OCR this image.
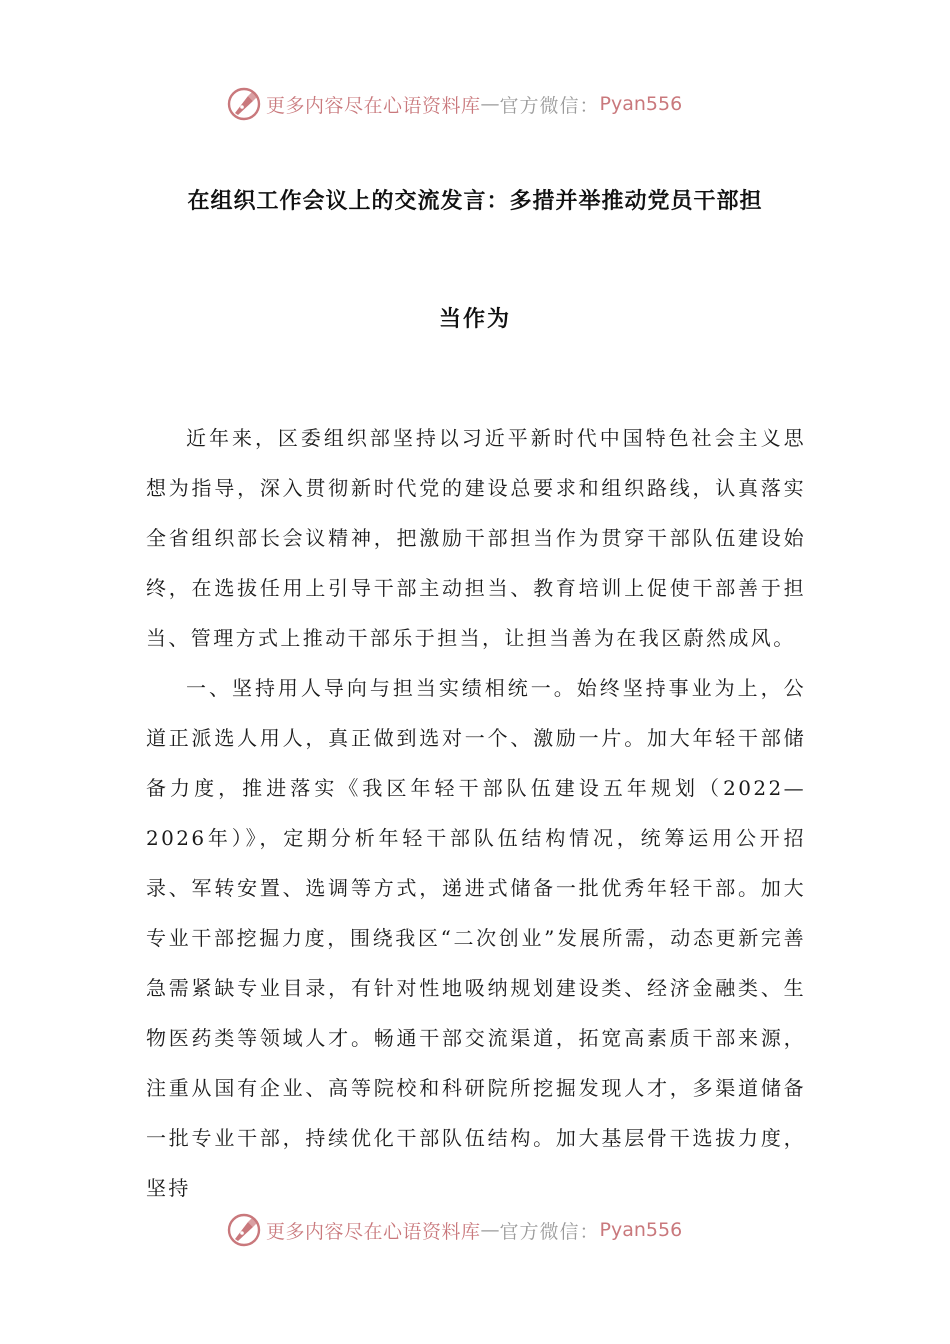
更多内容尽在心语资料库 — 官方微信： Pyan556
在组织工作会议上的交流发言：多措并举推动党员干部担
当作为

近年来，区委组织部坚持以习近平新时代中国特色社会主义思想为指导，深入贯彻新时代党的建设总要求和组织路线，认真落实全省组织部长会议精神，把激励干部担当作为贯穿干部队伍建设始终，在选拔任用上引导干部主动担当、教育培训上促使干部善于担当、管理方式上推动干部乐于担当，让担当善为在我区蔚然成风。

一、坚持用人导向与担当实绩相统一。始终坚持事业为上，公道正派选人用人，真正做到选对一个、激励一片。加大年轻干部储备力度，推进落实《我区年轻干部队伍建设五年规划（2022—2026年）》，定期分析年轻干部队伍结构情况，统筹运用公开招录、军转安置、选调等方式，递进式储备一批优秀年轻干部。加大专业干部挖掘力度，围绕我区“二次创业”发展所需，动态更新完善急需紧缺专业目录，有针对性地吸纳规划建设类、经济金融类、生物医药类等领域人才。畅通干部交流渠道，拓宽高素质干部来源，注重从国有企业、高等院校和科研院所挖掘发现人才，多渠道储备一批专业干部，持续优化干部队伍结构。加大基层骨干选拔力度，坚持

更多内容尽在心语资料库 — 官方微信： Pyan556
